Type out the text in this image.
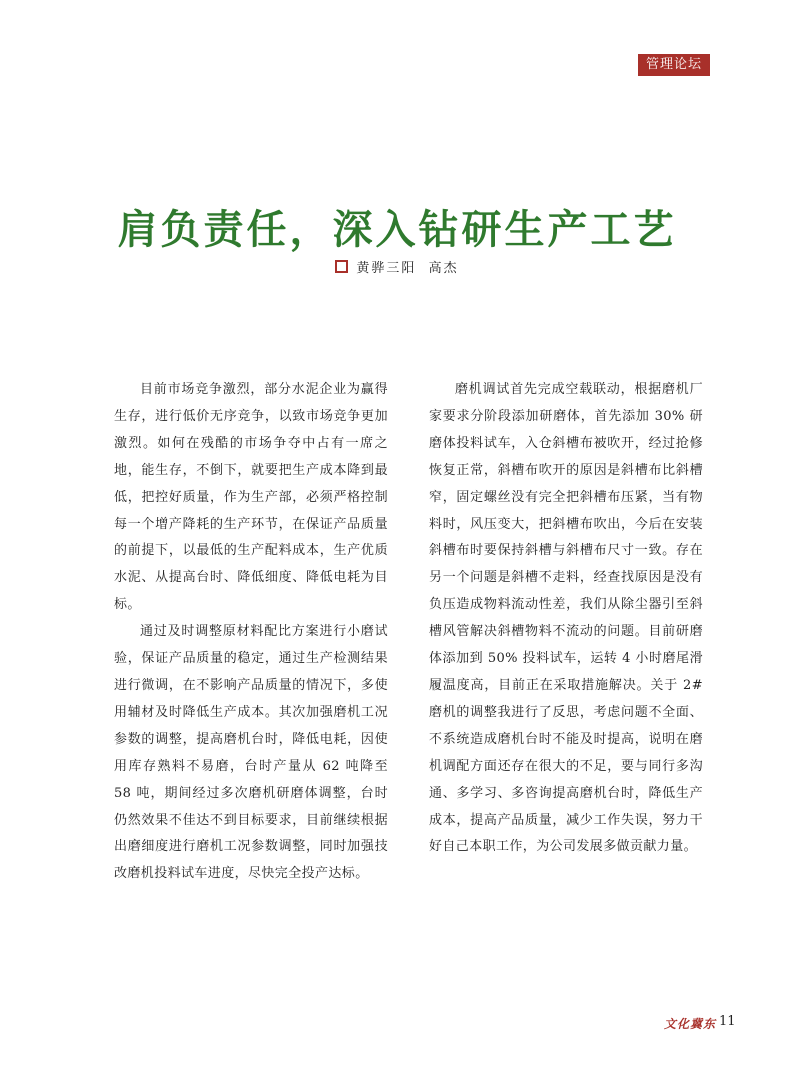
管理论坛
肩负责任，深入钻研生产工艺
黄骅三阳  高杰

目前市场竞争激烈，部分水泥企业为赢得生存，进行低价无序竞争，以致市场竞争更加激烈。如何在残酷的市场争夺中占有一席之地，能生存，不倒下，就要把生产成本降到最低，把控好质量，作为生产部，必须严格控制每一个增产降耗的生产环节，在保证产品质量的前提下，以最低的生产配料成本，生产优质水泥、从提高台时、降低细度、降低电耗为目标。

通过及时调整原材料配比方案进行小磨试验，保证产品质量的稳定，通过生产检测结果进行微调，在不影响产品质量的情况下，多使用辅材及时降低生产成本。其次加强磨机工况参数的调整，提高磨机台时，降低电耗，因使用库存熟料不易磨，台时产量从 62 吨降至 58 吨，期间经过多次磨机研磨体调整，台时仍然效果不佳达不到目标要求，目前继续根据出磨细度进行磨机工况参数调整，同时加强技改磨机投料试车进度，尽快完全投产达标。

磨机调试首先完成空载联动，根据磨机厂家要求分阶段添加研磨体，首先添加 30% 研磨体投料试车，入仓斜槽布被吹开，经过抢修恢复正常，斜槽布吹开的原因是斜槽布比斜槽窄，固定螺丝没有完全把斜槽布压紧，当有物料时，风压变大，把斜槽布吹出，今后在安装斜槽布时要保持斜槽与斜槽布尺寸一致。存在另一个问题是斜槽不走料，经查找原因是没有负压造成物料流动性差，我们从除尘器引至斜槽风管解决斜槽物料不流动的问题。目前研磨体添加到 50% 投料试车，运转 4 小时磨尾滑履温度高，目前正在采取措施解决。关于 2# 磨机的调整我进行了反思，考虑问题不全面、不系统造成磨机台时不能及时提高，说明在磨机调配方面还存在很大的不足，要与同行多沟通、多学习、多咨询提高磨机台时，降低生产成本，提高产品质量，减少工作失误，努力干好自己本职工作，为公司发展多做贡献力量。

文化冀东 11
